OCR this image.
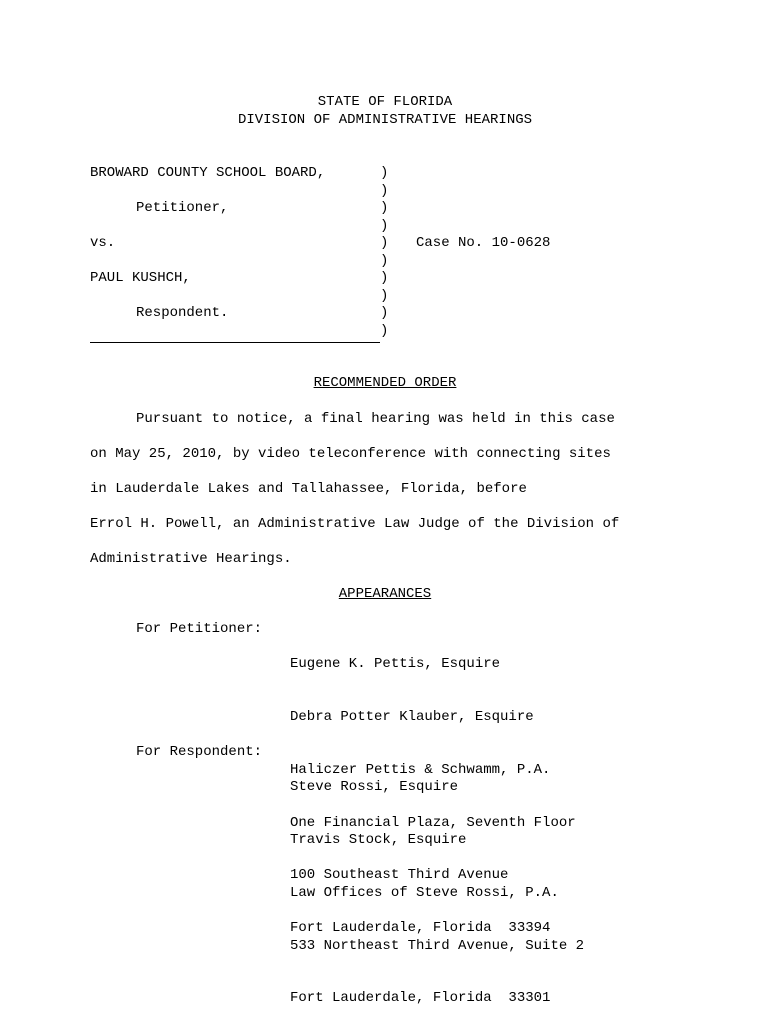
STATE OF FLORIDA
DIVISION OF ADMINISTRATIVE HEARINGS
BROWARD COUNTY SCHOOL BOARD,
Petitioner,
vs.	Case No. 10-0628
PAUL KUSHCH,
Respondent.
)
)
)
)
)
)
)
)
)
)
RECOMMENDED ORDER
Pursuant to notice, a final hearing was held in this case
on May 25, 2010, by video teleconference with connecting sites
in Lauderdale Lakes and Tallahassee, Florida, before
Errol H. Powell, an Administrative Law Judge of the Division of
Administrative Hearings.
APPEARANCES
For Petitioner:

Eugene K. Pettis, Esquire

Debra Potter Klauber, Esquire

Haliczer Pettis & Schwamm, P.A.

One Financial Plaza, Seventh Floor

100 Southeast Third Avenue

Fort Lauderdale, Florida  33394

For Respondent:

Steve Rossi, Esquire

Travis Stock, Esquire

Law Offices of Steve Rossi, P.A.

533 Northeast Third Avenue, Suite 2

Fort Lauderdale, Florida  33301
